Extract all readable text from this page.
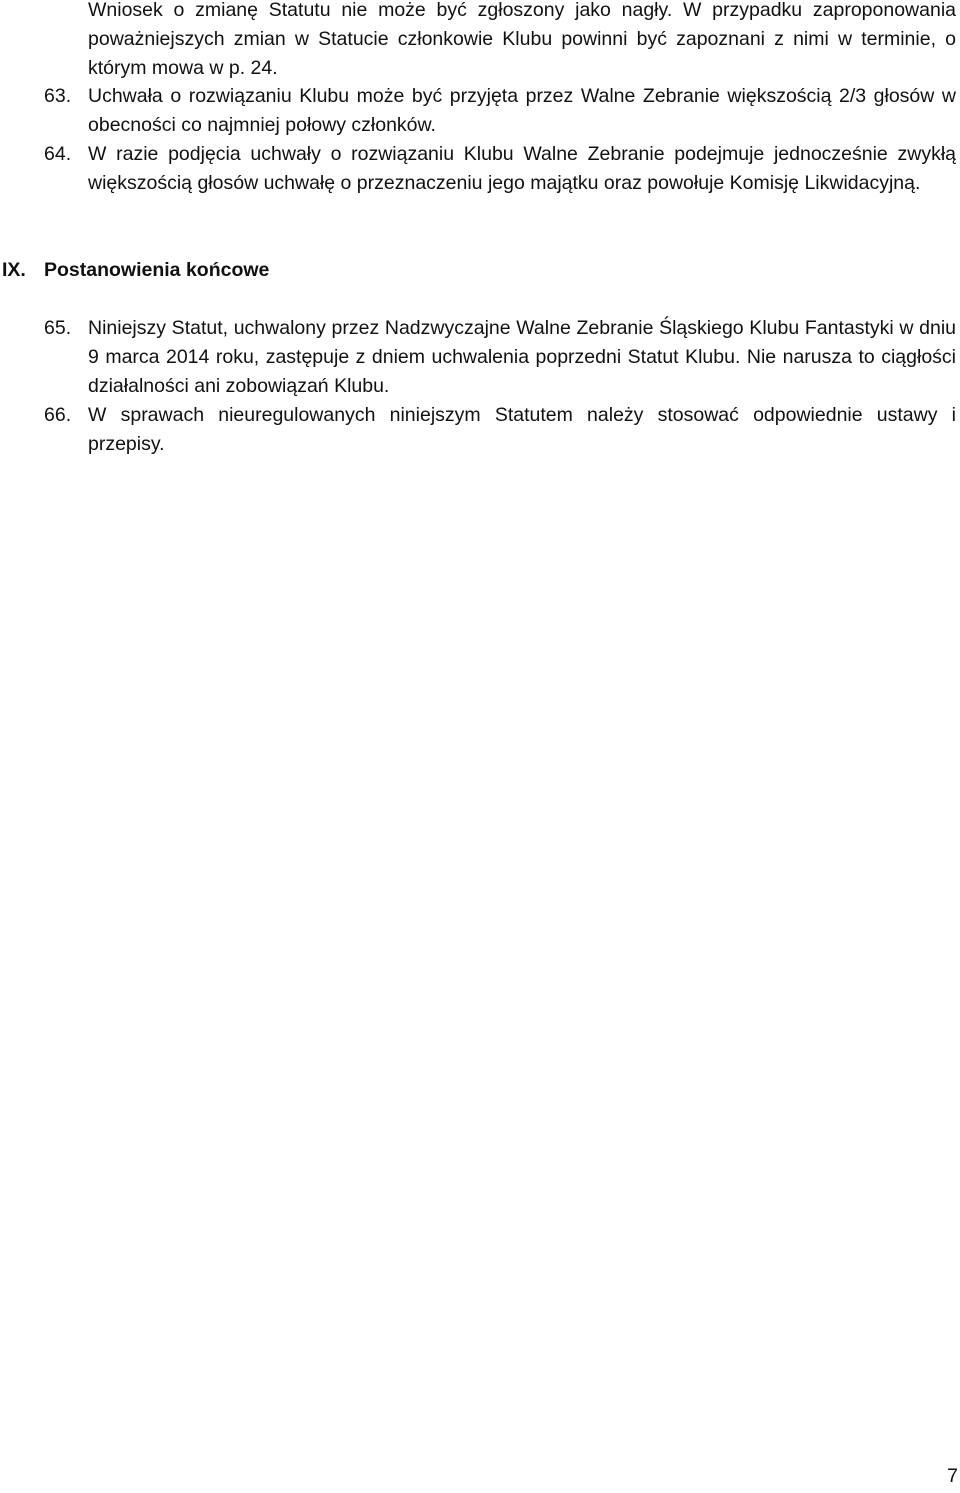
Wniosek o zmianę Statutu nie może być zgłoszony jako nagły. W przypadku zaproponowania poważniejszych zmian w Statucie członkowie Klubu powinni być zapoznani z nimi w terminie, o którym mowa w p. 24.
63. Uchwała o rozwiązaniu Klubu może być przyjęta przez Walne Zebranie większością 2/3 głosów w obecności co najmniej połowy członków.
64. W razie podjęcia uchwały o rozwiązaniu Klubu Walne Zebranie podejmuje jednocześnie zwykłą większością głosów uchwałę o przeznaczeniu jego majątku oraz powołuje Komisję Likwidacyjną.
IX. Postanowienia końcowe
65. Niniejszy Statut, uchwalony przez Nadzwyczajne Walne Zebranie Śląskiego Klubu Fantastyki w dniu 9 marca 2014 roku, zastępuje z dniem uchwalenia poprzedni Statut Klubu. Nie narusza to ciągłości działalności ani zobowiązań Klubu.
66. W sprawach nieuregulowanych niniejszym Statutem należy stosować odpowiednie ustawy i przepisy.
7
